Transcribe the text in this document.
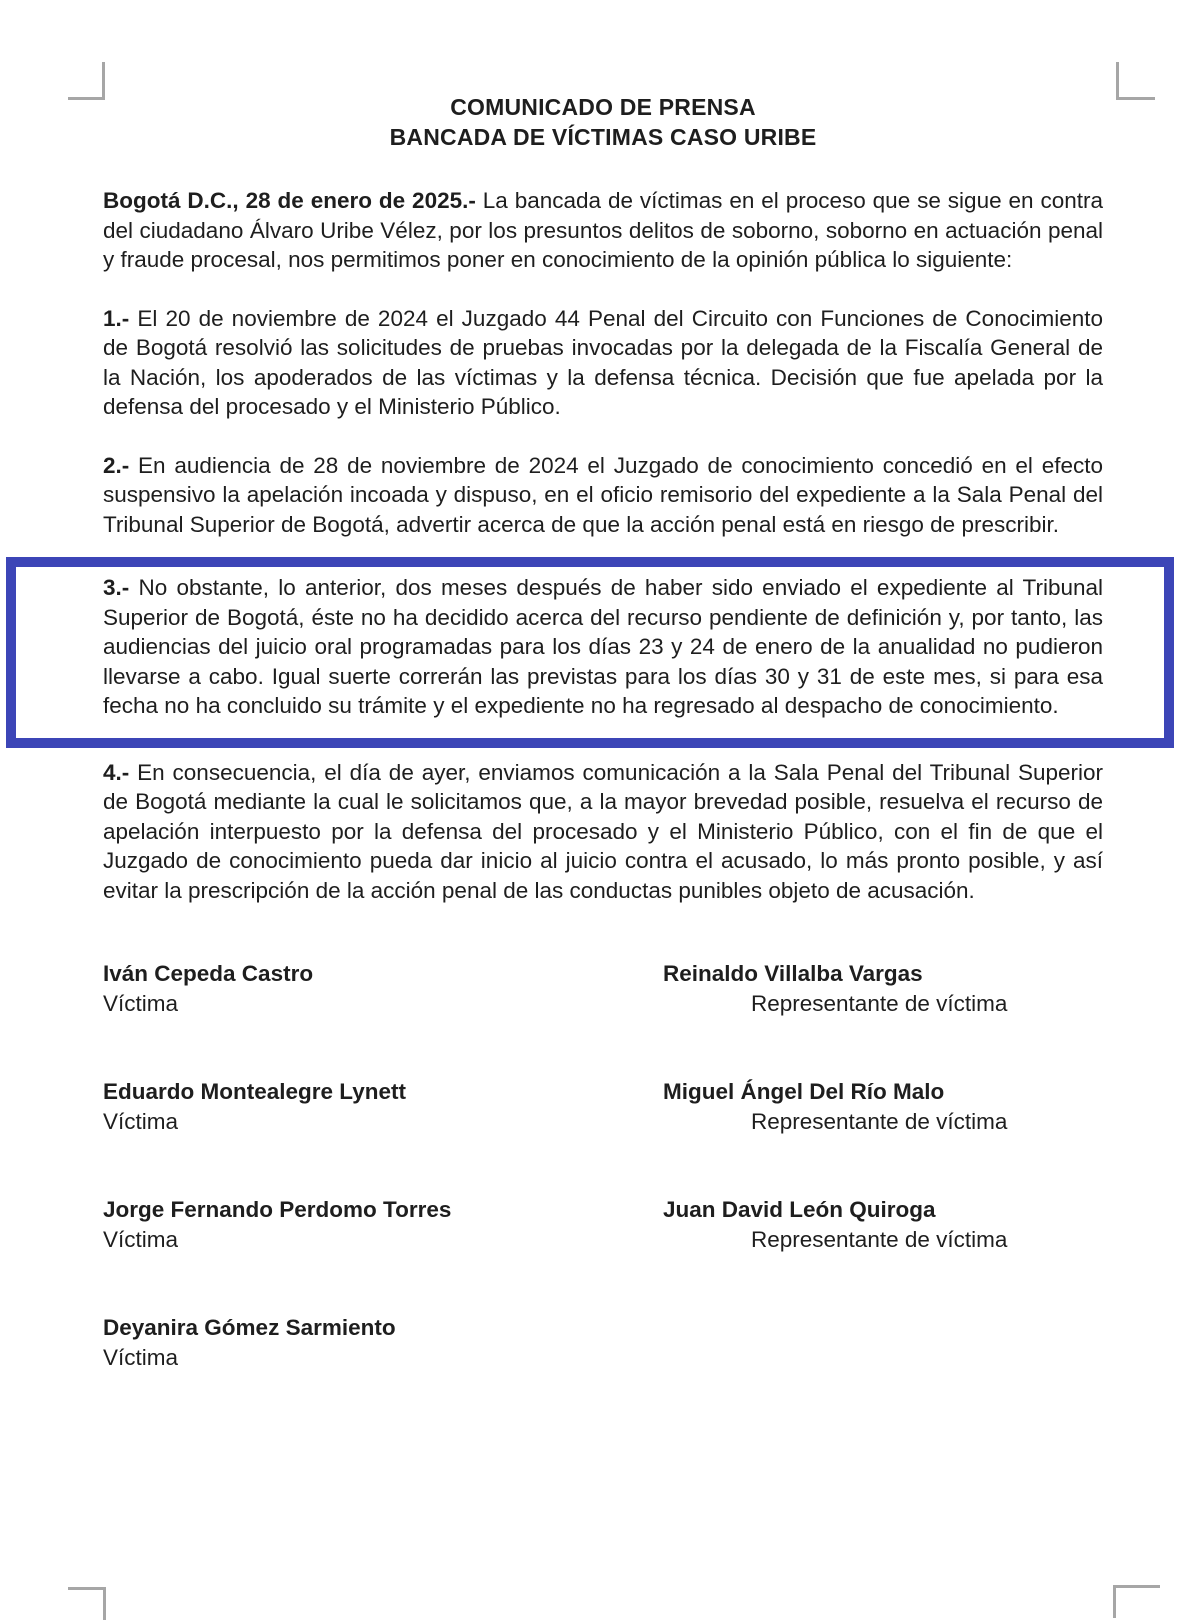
COMUNICADO DE PRENSA
BANCADA DE VÍCTIMAS CASO URIBE

Bogotá D.C., 28 de enero de 2025.- La bancada de víctimas en el proceso que se sigue en contra del ciudadano Álvaro Uribe Vélez, por los presuntos delitos de soborno, soborno en actuación penal y fraude procesal, nos permitimos poner en conocimiento de la opinión pública lo siguiente:

1.- El 20 de noviembre de 2024 el Juzgado 44 Penal del Circuito con Funciones de Conocimiento de Bogotá resolvió las solicitudes de pruebas invocadas por la delegada de la Fiscalía General de la Nación, los apoderados de las víctimas y la defensa técnica. Decisión que fue apelada por la defensa del procesado y el Ministerio Público.

2.- En audiencia de 28 de noviembre de 2024 el Juzgado de conocimiento concedió en el efecto suspensivo la apelación incoada y dispuso, en el oficio remisorio del expediente a la Sala Penal del Tribunal Superior de Bogotá, advertir acerca de que la acción penal está en riesgo de prescribir.

3.- No obstante, lo anterior, dos meses después de haber sido enviado el expediente al Tribunal Superior de Bogotá, éste no ha decidido acerca del recurso pendiente de definición y, por tanto, las audiencias del juicio oral programadas para los días 23 y 24 de enero de la anualidad no pudieron llevarse a cabo. Igual suerte correrán las previstas para los días 30 y 31 de este mes, si para esa fecha no ha concluido su trámite y el expediente no ha regresado al despacho de conocimiento.

4.- En consecuencia, el día de ayer, enviamos comunicación a la Sala Penal del Tribunal Superior de Bogotá mediante la cual le solicitamos que, a la mayor brevedad posible, resuelva el recurso de apelación interpuesto por la defensa del procesado y el Ministerio Público, con el fin de que el Juzgado de conocimiento pueda dar inicio al juicio contra el acusado, lo más pronto posible, y así evitar la prescripción de la acción penal de las conductas punibles objeto de acusación.

Iván Cepeda Castro
Víctima
Reinaldo Villalba Vargas
Representante de víctima
Eduardo Montealegre Lynett
Víctima
Miguel Ángel Del Río Malo
Representante de víctima
Jorge Fernando Perdomo Torres
Víctima
Juan David León Quiroga
Representante de víctima
Deyanira Gómez Sarmiento
Víctima
